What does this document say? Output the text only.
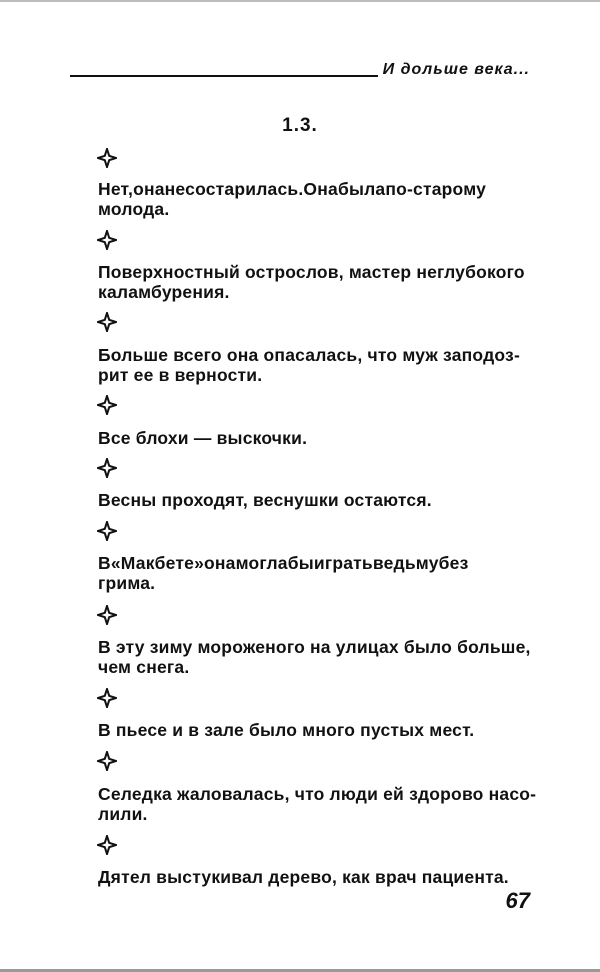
И дольше века...
1.3.
Нет,онанесостарилась.Онабылапо-старому
молода.
Поверхностный острослов, мастер неглубокого
каламбурения.
Больше всего она опасалась, что муж заподоз-
рит ее в верности.
Все блохи — выскочки.
Весны проходят, веснушки остаются.
В«Макбете»онамоглабыигратьведьмубез
грима.
В эту зиму мороженого на улицах было больше,
чем снега.
В пьесе и в зале было много пустых мест.
Селедка жаловалась, что люди ей здорово насо-
лили.
Дятел выстукивал дерево, как врач пациента.
67
